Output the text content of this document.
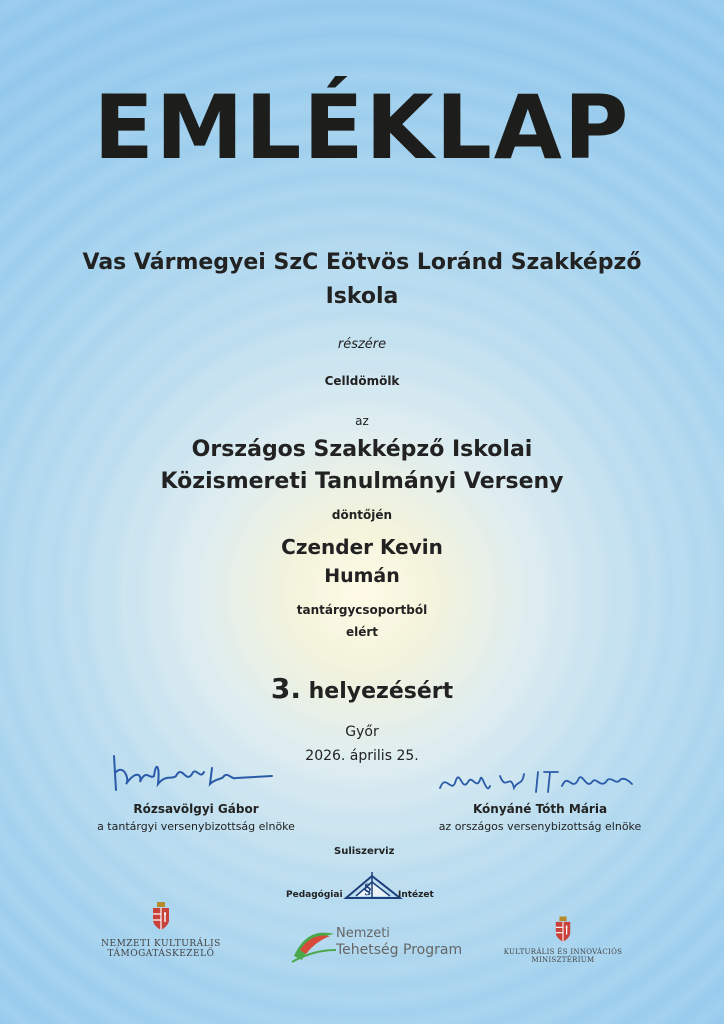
EMLÉKLAP
Vas Vármegyei SzC Eötvös Loránd Szakképző Iskola
részére
Celldömölk
az
Országos Szakképző Iskolai Közismereti Tanulmányi Verseny
döntőjén
Czender Kevin
Humán
tantárgycsoportból
elért
3. helyezésért
Győr
2026. április 25.
Rózsavölgyi Gábor
a tantárgyi versenybizottság elnöke
Kónyáné Tóth Mária
az országos versenybizottság elnöke
Suliszerviz
§
Pedagógiai	Intézet
NEMZETI KULTURÁLIS
TÁMOGATÁSKEZELŐ
Nemzeti
Tehetség Program	KULTURÁLIS ÉS INNOVÁCIÓS
MINISZTÉRIUM
